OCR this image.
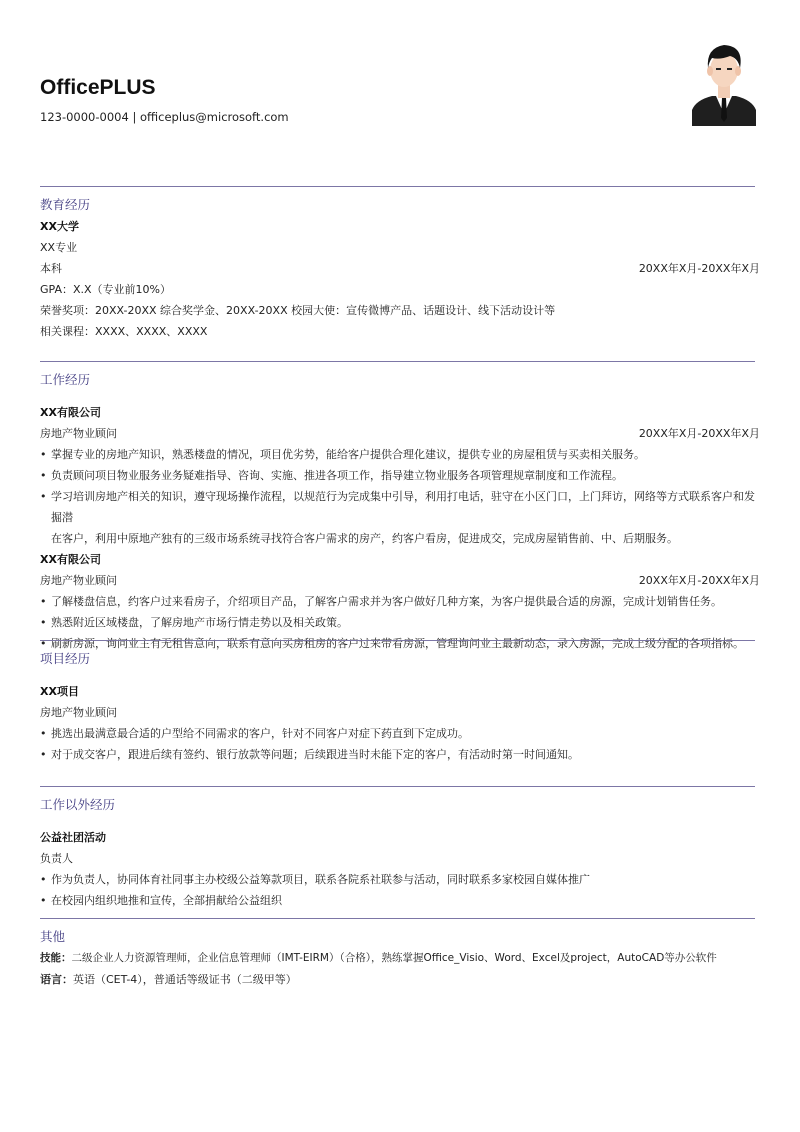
OfficePLUS
123-0000-0004 | officeplus@microsoft.com
教育经历
XX大学
XX专业
本科	20XX年X月-20XX年X月
GPA：X.X（专业前10%）
荣誉奖项：20XX-20XX 综合奖学金、20XX-20XX 校园大使：宣传微博产品、话题设计、线下活动设计等
相关课程：XXXX、XXXX、XXXX
工作经历
XX有限公司
房地产物业顾问	20XX年X月-20XX年X月
• 掌握专业的房地产知识，熟悉楼盘的情况，项目优劣势，能给客户提供合理化建议，提供专业的房屋租赁与买卖相关服务。
• 负责顾问项目物业服务业务疑难指导、咨询、实施、推进各项工作，指导建立物业服务各项管理规章制度和工作流程。
• 学习培训房地产相关的知识，遵守现场操作流程，以规范行为完成集中引导，利用打电话，驻守在小区门口，上门拜访，网络等方式联系客户和发掘潜
在客户，利用中原地产独有的三级市场系统寻找符合客户需求的房产，约客户看房，促进成交，完成房屋销售前、中、后期服务。
XX有限公司
房地产物业顾问	20XX年X月-20XX年X月
• 了解楼盘信息，约客户过来看房子，介绍项目产品，了解客户需求并为客户做好几种方案，为客户提供最合适的房源，完成计划销售任务。
• 熟悉附近区域楼盘，了解房地产市场行情走势以及相关政策。
• 刷新房源，询问业主有无租售意向，联系有意向买房租房的客户过来带看房源，管理询问业主最新动态，录入房源，完成上级分配的各项指标。
项目经历
XX项目
房地产物业顾问
• 挑选出最满意最合适的户型给不同需求的客户，针对不同客户对症下药直到下定成功。
• 对于成交客户，跟进后续有签约、银行放款等问题；后续跟进当时未能下定的客户，有活动时第一时间通知。
工作以外经历
公益社团活动
负责人
• 作为负责人，协同体育社同事主办校级公益筹款项目，联系各院系社联参与活动，同时联系多家校园自媒体推广
• 在校园内组织地推和宣传，全部捐献给公益组织
其他
技能：二级企业人力资源管理师，企业信息管理师（IMT-EIRM）（合格），熟练掌握Office_Visio、Word、Excel及project，AutoCAD等办公软件
语言：英语（CET-4），普通话等级证书（二级甲等）
